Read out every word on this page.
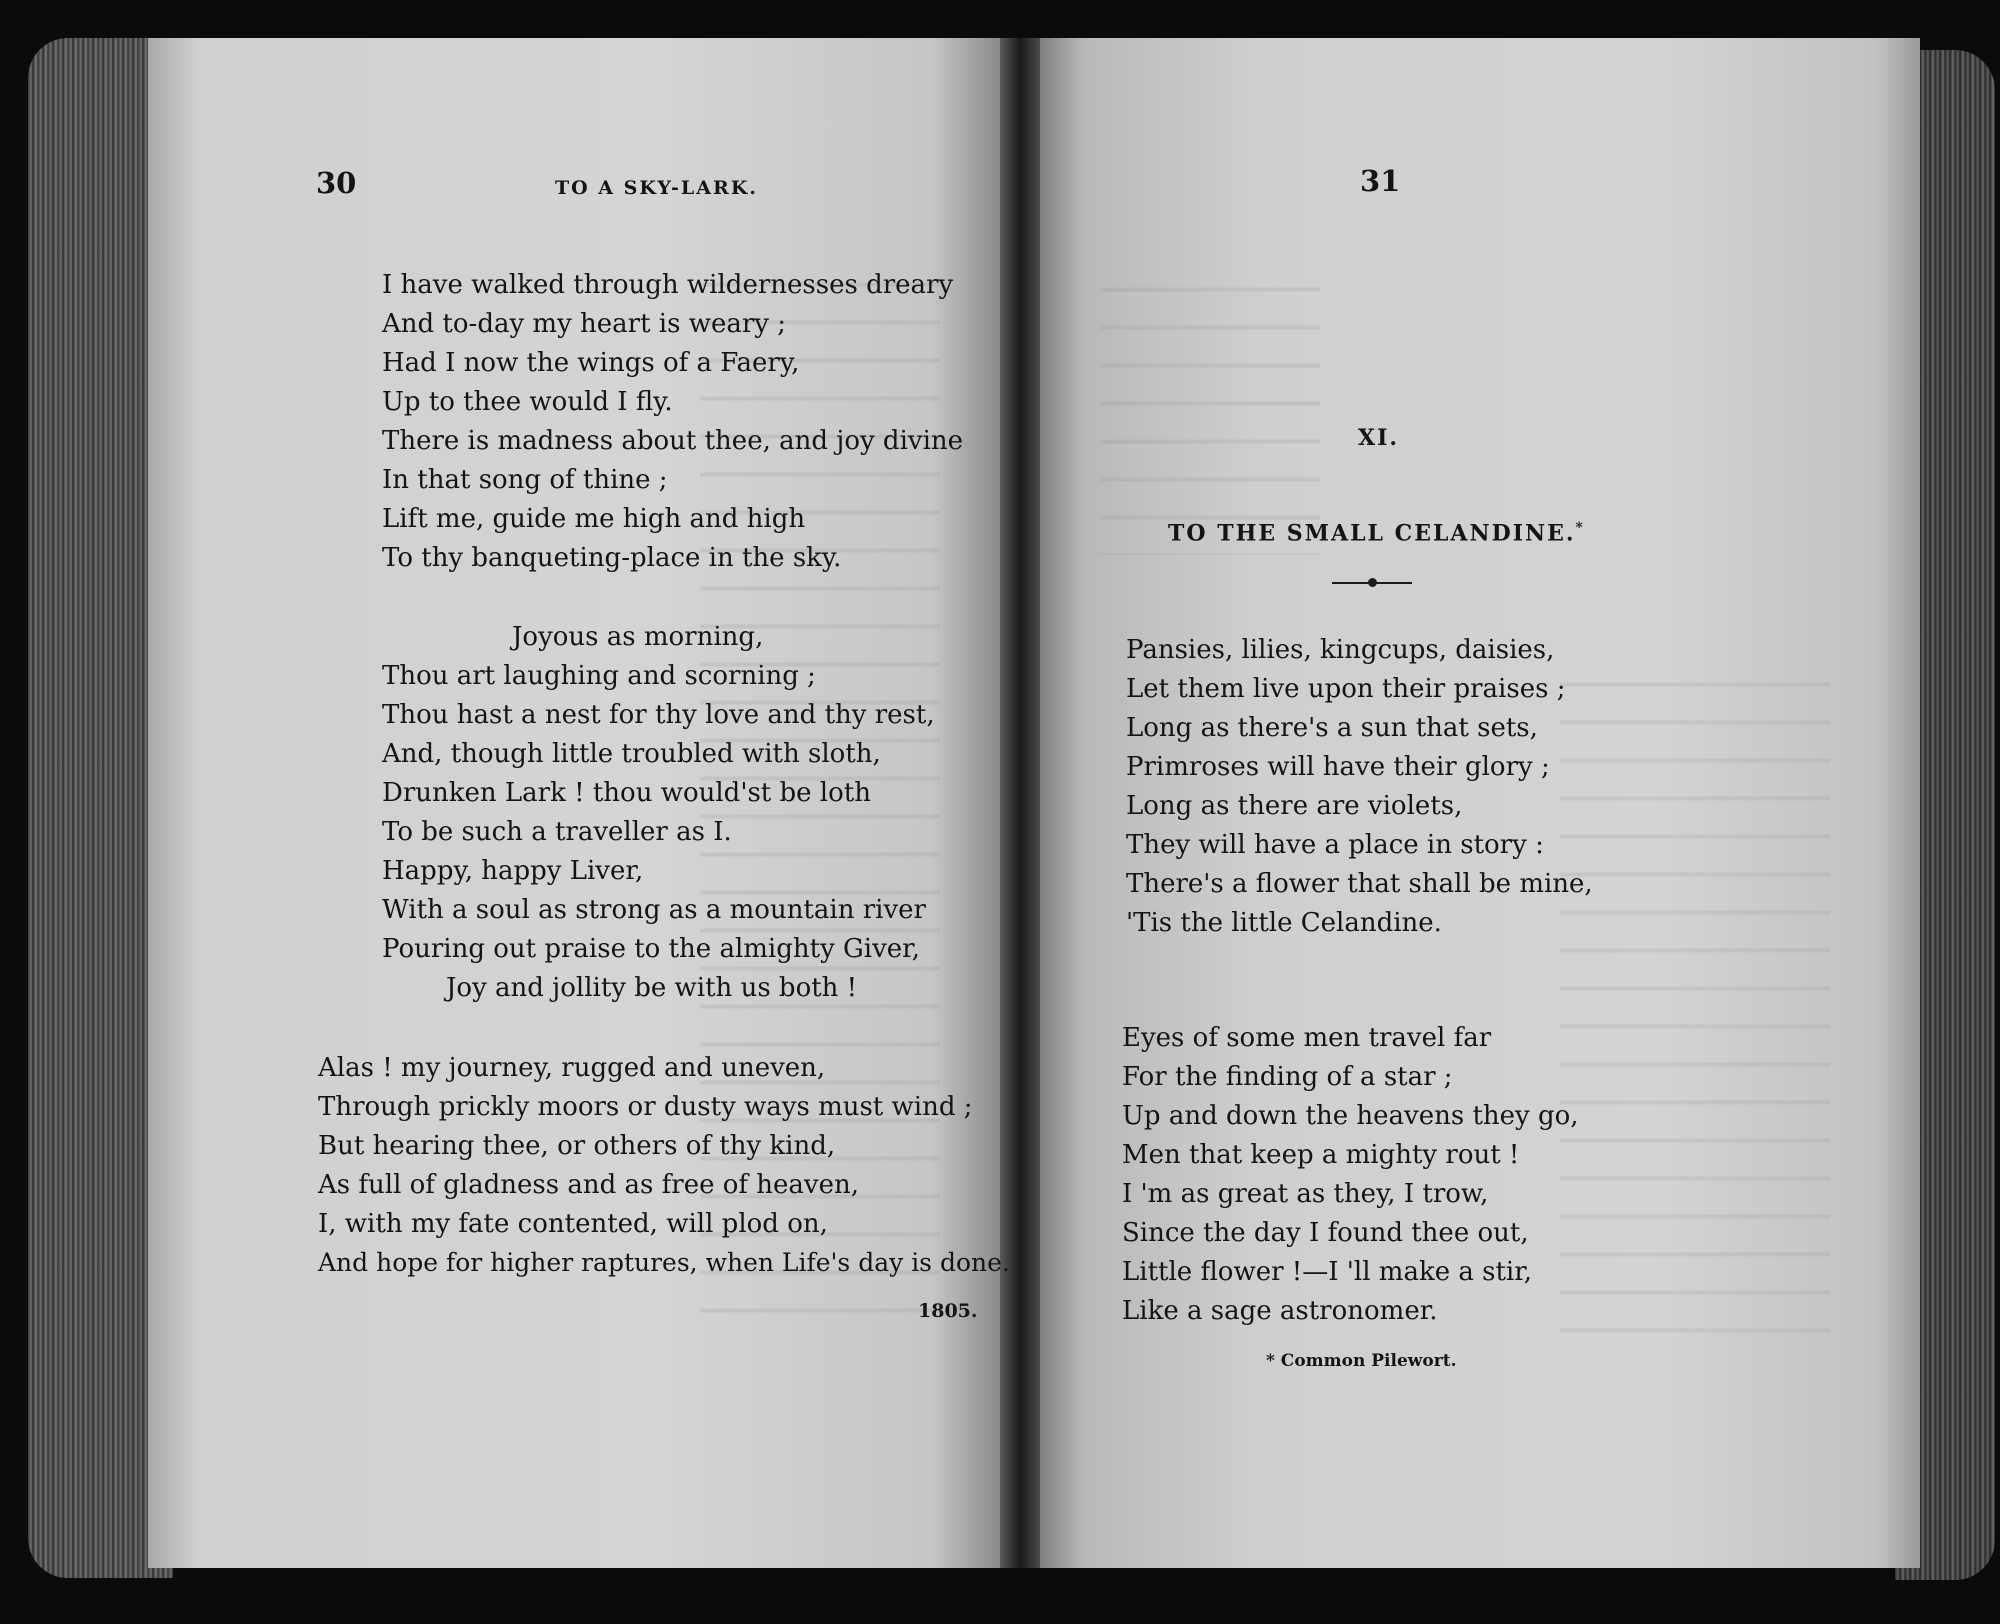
30	TO A SKY-LARK.
I have walked through wildernesses dreary
And to-day my heart is weary ;
Had I now the wings of a Faery,
Up to thee would I fly.
There is madness about thee, and joy divine
In that song of thine ;
Lift me, guide me high and high
To thy banqueting-place in the sky.
Joyous as morning,
Thou art laughing and scorning ;
Thou hast a nest for thy love and thy rest,
And, though little troubled with sloth,
Drunken Lark ! thou would'st be loth
To be such a traveller as I.
Happy, happy Liver,
With a soul as strong as a mountain river
Pouring out praise to the almighty Giver,
Joy and jollity be with us both !
Alas ! my journey, rugged and uneven,
Through prickly moors or dusty ways must wind ;
But hearing thee, or others of thy kind,
As full of gladness and as free of heaven,
I, with my fate contented, will plod on,
And hope for higher raptures, when Life's day is done.
1805.
31
XI.
TO THE SMALL CELANDINE.*
Pansies, lilies, kingcups, daisies,
Let them live upon their praises ;
Long as there's a sun that sets,
Primroses will have their glory ;
Long as there are violets,
They will have a place in story :
There's a flower that shall be mine,
'Tis the little Celandine.
Eyes of some men travel far
For the finding of a star ;
Up and down the heavens they go,
Men that keep a mighty rout !
I 'm as great as they, I trow,
Since the day I found thee out,
Little flower !—I 'll make a stir,
Like a sage astronomer.
* Common Pilewort.
